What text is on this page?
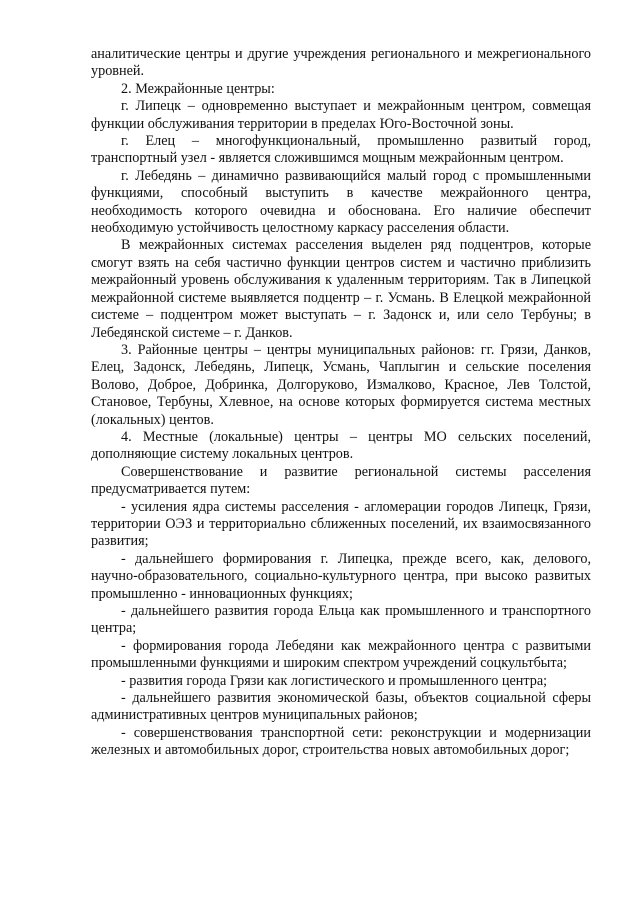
аналитические центры и другие учреждения регионального и межрегионального уровней.

2. Межрайонные центры:

г. Липецк – одновременно выступает и межрайонным центром, совмещая функции обслуживания территории в пределах Юго-Восточной зоны.

г. Елец – многофункциональный, промышленно развитый город, транспортный узел - является сложившимся мощным межрайонным центром.

г. Лебедянь – динамично развивающийся малый город с промышленными функциями, способный выступить в качестве межрайонного центра, необходимость которого очевидна и обоснована. Его наличие обеспечит необходимую устойчивость целостному каркасу расселения области.

В межрайонных системах расселения выделен ряд подцентров, которые смогут взять на себя частично функции центров систем и частично приблизить межрайонный уровень обслуживания к удаленным территориям. Так в Липецкой межрайонной системе выявляется подцентр – г. Усмань. В Елецкой межрайонной системе – подцентром может выступать – г. Задонск и, или село Тербуны; в Лебедянской системе – г. Данков.

3. Районные центры – центры муниципальных районов: гг. Грязи, Данков, Елец, Задонск, Лебедянь, Липецк, Усмань, Чаплыгин и сельские поселения Волово, Доброе, Добринка, Долгоруково, Измалково, Красное, Лев Толстой, Становое, Тербуны, Хлевное, на основе которых формируется система местных (локальных) центов.

4. Местные (локальные) центры – центры МО сельских поселений, дополняющие систему локальных центров.

Совершенствование и развитие региональной системы расселения предусматривается путем:

- усиления ядра системы расселения - агломерации городов Липецк, Грязи, территории ОЭЗ и территориально сближенных поселений, их взаимосвязанного развития;

- дальнейшего формирования г. Липецка, прежде всего, как, делового, научно-образовательного, социально-культурного центра, при высоко развитых промышленно - инновационных функциях;

- дальнейшего развития города Ельца как промышленного и транспортного центра;

- формирования города Лебедяни как межрайонного центра с развитыми промышленными функциями и широким спектром учреждений соцкультбыта;

- развития города Грязи как логистического и промышленного центра;

- дальнейшего развития экономической базы, объектов социальной сферы административных центров муниципальных районов;

- совершенствования транспортной сети: реконструкции и модернизации железных и автомобильных дорог, строительства новых автомобильных дорог;
